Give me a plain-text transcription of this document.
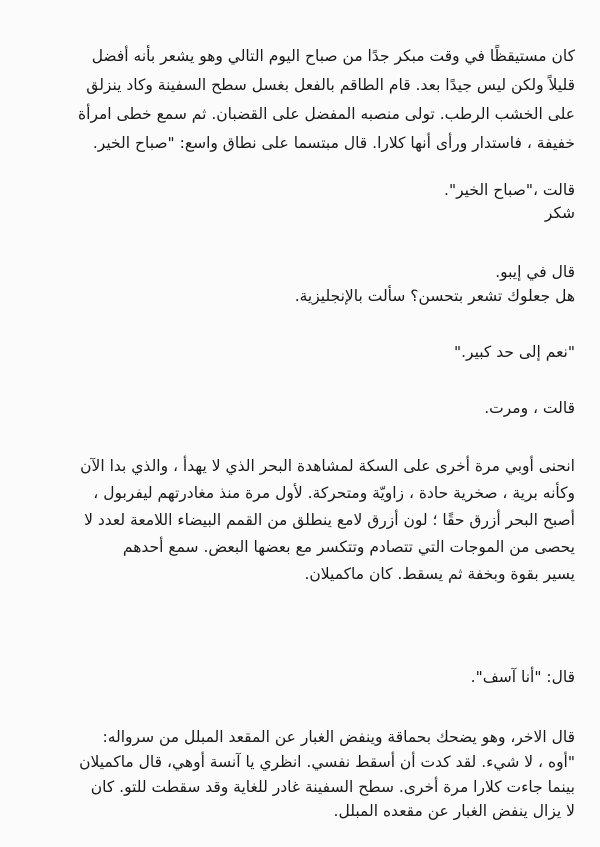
كان مستيقظًا في وقت مبكر جدًا من صباح اليوم التالي وهو يشعر بأنه أفضل
قليلاً ولكن ليس جيدًا بعد. قام الطاقم بالفعل بغسل سطح السفينة وكاد ينزلق
على الخشب الرطب. تولى منصبه المفضل على القضبان. ثم سمع خطى امرأة
خفيفة ، فاستدار ورأى أنها كلارا. قال مبتسما على نطاق واسع: "صباح الخير.
قالت ،"صباح الخير".
شكر
قال في إيبو.
هل جعلوك تشعر بتحسن؟ سألت بالإنجليزية.
"نعم إلى حد كبير."
قالت ، ومرت.
انحنى أوبي مرة أخرى على السكة لمشاهدة البحر الذي لا يهدأ ، والذي بدا الآن
وكأنه برية ، صخرية حادة ، زاويّة ومتحركة. لأول مرة منذ مغادرتهم ليفربول ،
أصبح البحر أزرق حقًا ؛ لون أزرق لامع ينطلق من القمم البيضاء اللامعة لعدد لا
يحصى من الموجات التي تتصادم وتتكسر مع بعضها البعض. سمع أحدهم
يسير بقوة وبخفة ثم يسقط. كان ماكميلان.
قال: "أنا آسف".
قال الاخر، وهو يضحك بحماقة وينفض الغبار عن المقعد المبلل من سرواله:
"أوه ، لا شيء. لقد كدت أن أسقط نفسي. انظري يا آنسة أوهي، قال ماكميلان
بينما جاءت كلارا مرة أخرى. سطح السفينة غادر للغاية وقد سقطت للتو. كان
لا يزال ينفض الغبار عن مقعده المبلل.
